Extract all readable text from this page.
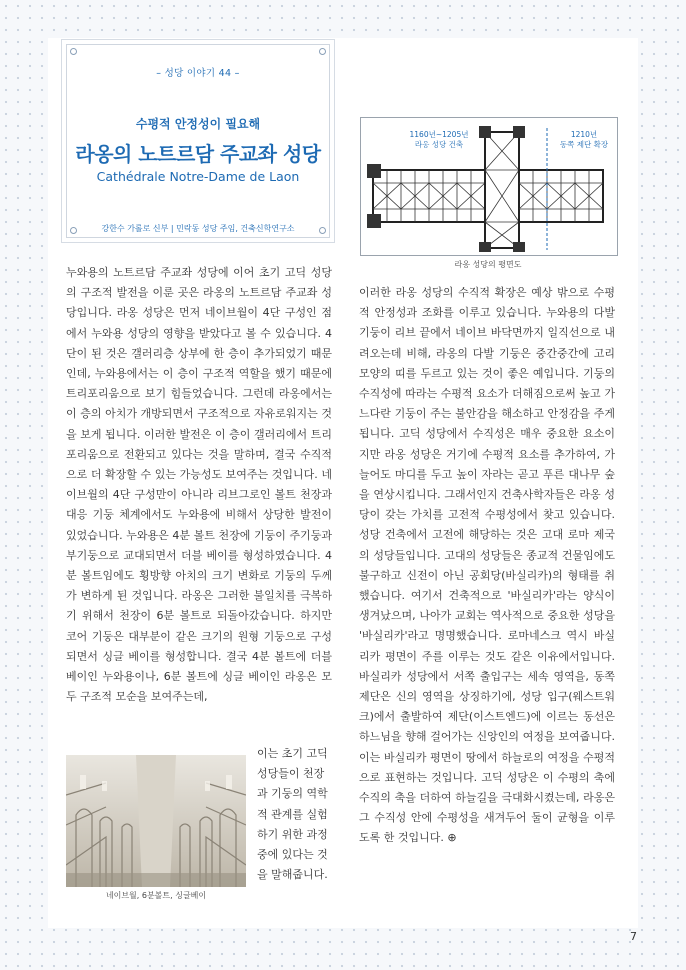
– 성당 이야기 44 –
수평적 안정성이 필요해
라옹의 노트르담 주교좌 성당
Cathédrale Notre-Dame de Laon
강한수 가롤로 신부 | 민락동 성당 주임, 건축신학연구소
1160년~1205년
라옹 성당 건축
1210년
동쪽 제단 확장
라옹 성당의 평면도

누와용의 노트르담 주교좌 성당에 이어 초기 고딕 성당의 구조적 발전을 이룬 곳은 라옹의 노트르담 주교좌 성당입니다. 라옹 성당은 먼저 네이브월이 4단 구성인 점에서 누와용 성당의 영향을 받았다고 볼 수 있습니다. 4단이 된 것은 갤러리층 상부에 한 층이 추가되었기 때문인데, 누와용에서는 이 층이 구조적 역할을 했기 때문에 트리포리움으로 보기 힘들었습니다. 그런데 라옹에서는 이 층의 아치가 개방되면서 구조적으로 자유로워지는 것을 보게 됩니다. 이러한 발전은 이 층이 갤러리에서 트리포리움으로 전환되고 있다는 것을 말하며, 결국 수직적으로 더 확장할 수 있는 가능성도 보여주는 것입니다. 네이브월의 4단 구성만이 아니라 리브그로인 볼트 천장과 대응 기둥 체계에서도 누와용에 비해서 상당한 발전이 있었습니다. 누와용은 4분 볼트 천장에 기둥이 주기둥과 부기둥으로 교대되면서 더블 베이를 형성하였습니다. 4분 볼트임에도 횡방향 아치의 크기 변화로 기둥의 두께가 변하게 된 것입니다. 라옹은 그러한 불일치를 극복하기 위해서 천장이 6분 볼트로 되돌아갔습니다. 하지만 코어 기둥은 대부분이 같은 크기의 원형 기둥으로 구성되면서 싱글 베이를 형성합니다. 결국 4분 볼트에 더블 베이인 누와용이나, 6분 볼트에 싱글 베이인 라옹은 모두 구조적 모순을 보여주는데,

네이브월, 6분볼트, 싱글베이
이는 초기 고딕 성당들이 천장과 기둥의 역학적 관계를 실험하기 위한 과정 중에 있다는 것을 말해줍니다.

이러한 라옹 성당의 수직적 확장은 예상 밖으로 수평적 안정성과 조화를 이루고 있습니다. 누와용의 다발 기둥이 리브 끝에서 네이브 바닥면까지 일직선으로 내려오는데 비해, 라옹의 다발 기둥은 중간중간에 고리모양의 띠를 두르고 있는 것이 좋은 예입니다. 기둥의 수직성에 따라는 수평적 요소가 더해짐으로써 높고 가느다란 기둥이 주는 불안감을 해소하고 안정감을 주게 됩니다. 고딕 성당에서 수직성은 매우 중요한 요소이지만 라옹 성당은 거기에 수평적 요소를 추가하여, 가늘어도 마디를 두고 높이 자라는 곧고 푸른 대나무 숲을 연상시킵니다. 그래서인지 건축사학자들은 라옹 성당이 갖는 가치를 고전적 수평성에서 찾고 있습니다. 성당 건축에서 고전에 해당하는 것은 고대 로마 제국의 성당들입니다. 고대의 성당들은 종교적 건물임에도 불구하고 신전이 아닌 공회당(바실리카)의 형태를 취했습니다. 여기서 건축적으로 '바실리카'라는 양식이 생겨났으며, 나아가 교회는 역사적으로 중요한 성당을 '바실리카'라고 명명했습니다. 로마네스크 역시 바실리카 평면이 주를 이루는 것도 같은 이유에서입니다. 바실리카 성당에서 서쪽 출입구는 세속 영역을, 동쪽 제단은 신의 영역을 상징하기에, 성당 입구(웨스트워크)에서 출발하여 제단(이스트엔드)에 이르는 동선은 하느님을 향해 걸어가는 신앙인의 여정을 보여줍니다. 이는 바실리카 평면이 땅에서 하늘로의 여정을 수평적으로 표현하는 것입니다. 고딕 성당은 이 수평의 축에 수직의 축을 더하여 하늘길을 극대화시켰는데, 라옹은 그 수직성 안에 수평성을 새겨두어 둘이 균형을 이루도록 한 것입니다. ⊕

7
